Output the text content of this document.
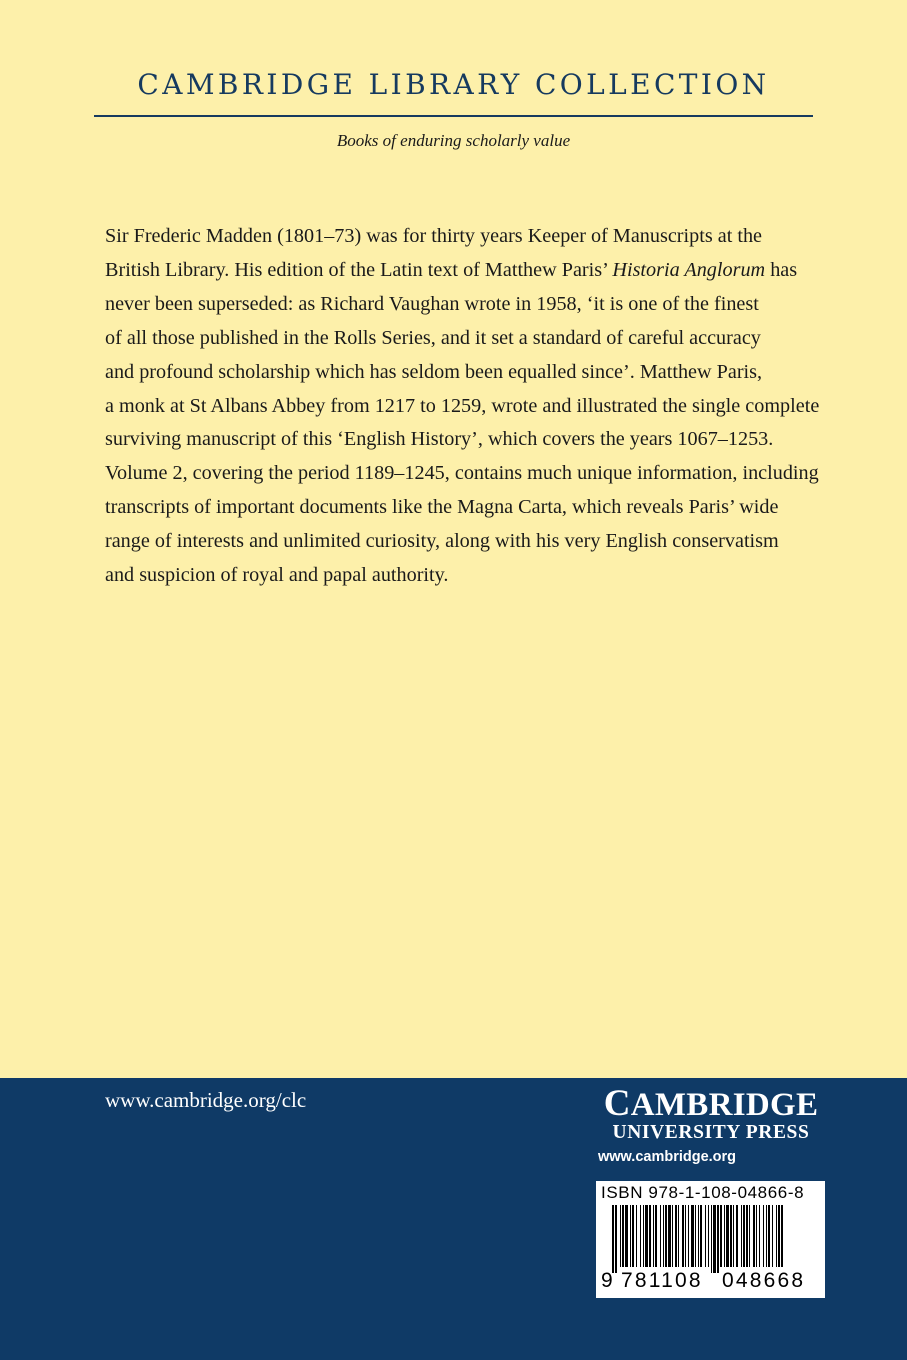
CAMBRIDGE LIBRARY COLLECTION
Books of enduring scholarly value

Sir Frederic Madden (1801–73) was for thirty years Keeper of Manuscripts at the
British Library. His edition of the Latin text of Matthew Paris’ Historia Anglorum has
never been superseded: as Richard Vaughan wrote in 1958, ‘it is one of the finest
of all those published in the Rolls Series, and it set a standard of careful accuracy
and profound scholarship which has seldom been equalled since’. Matthew Paris,
a monk at St Albans Abbey from 1217 to 1259, wrote and illustrated the single complete
surviving manuscript of this ‘English History’, which covers the years 1067–1253.
Volume 2, covering the period 1189–1245, contains much unique information, including
transcripts of important documents like the Magna Carta, which reveals Paris’ wide
range of interests and unlimited curiosity, along with his very English conservatism
and suspicion of royal and papal authority.

www.cambridge.org/clc	CAMBRIDGE
UNIVERSITY PRESS
www.cambridge.org
ISBN 978-1-108-04866-8
9 781108 048668
